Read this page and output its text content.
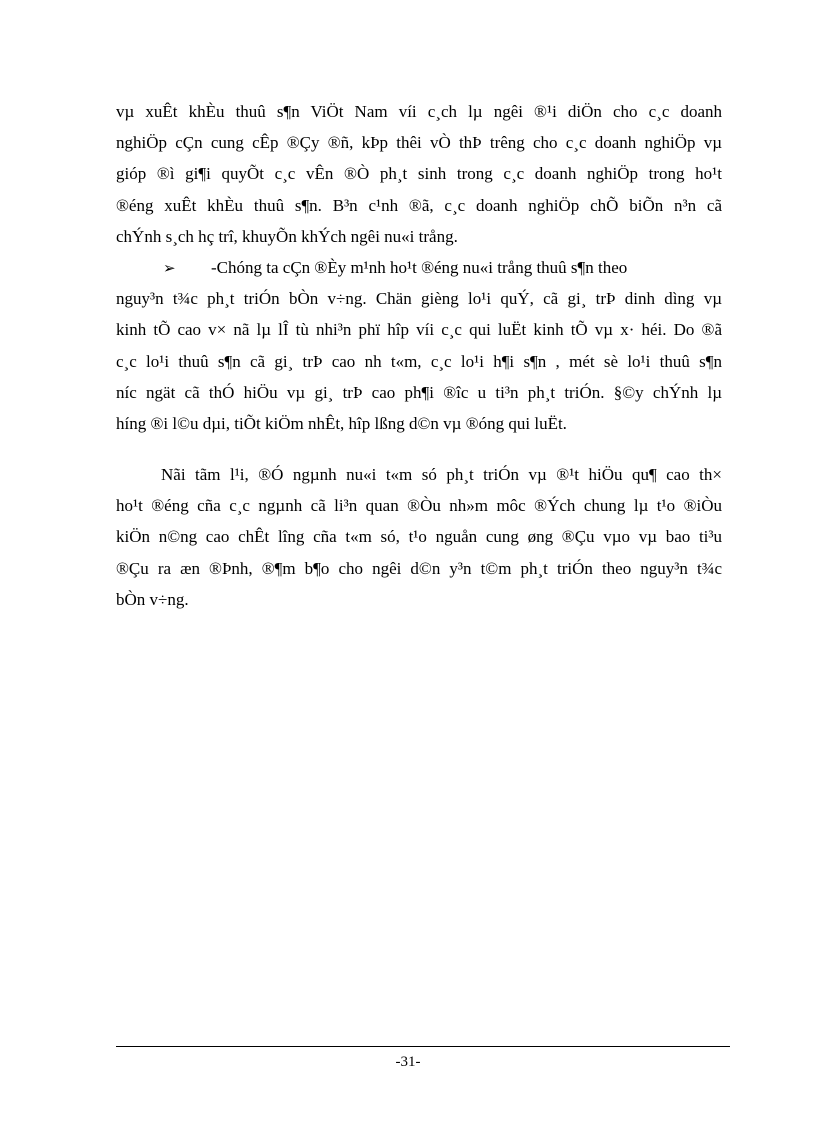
vµ xuÊt khÈu thuû s¶n ViÖt Nam víi c¸ch lµ ngêi ®¹i diÖn cho c¸c doanh
nghiÖp cÇn cung cÊp ®Çy ®ñ, kÞp thêi vÒ thÞ trêng cho c¸c doanh nghiÖp vµ
gióp ®ì gi¶i quyÕt c¸c vÊn ®Ò ph¸t sinh trong c¸c doanh nghiÖp trong ho¹t
®éng xuÊt khÈu thuû s¶n. B³n c¹nh ®ã, c¸c doanh nghiÖp chÕ biÕn n³n cã
chÝnh s¸ch hç trî, khuyÕn khÝch ngêi nu«i trång.
➢ -Chóng ta cÇn ®Èy m¹nh ho¹t ®éng nu«i trång thuû s¶n theo
nguy³n t¾c ph¸t triÓn bÒn v÷ng. Chän gièng lo¹i quÝ, cã gi¸ trÞ dinh dìng vµ
kinh tÕ cao v× nã lµ lÎ tù nhi³n phï hîp víi c¸c qui luËt kinh tÕ vµ x· héi. Do ®ã
c¸c lo¹i thuû s¶n cã gi¸ trÞ cao nh t«m, c¸c lo¹i h¶i s¶n , mét sè lo¹i thuû s¶n
níc ngät cã thÓ hiÖu vµ gi¸ trÞ cao ph¶i ®îc u ti³n ph¸t triÓn. §©y chÝnh lµ
híng ®i l©u dµi, tiÕt kiÖm nhÊt, hîp lßng d©n vµ ®óng qui luËt.
Nãi tãm l¹i, ®Ó ngµnh nu«i t«m só ph¸t triÓn vµ ®¹t hiÖu qu¶ cao th×
ho¹t ®éng cña c¸c ngµnh cã li³n quan ®Òu nh»m môc ®Ých chung lµ t¹o ®iÒu
kiÖn n©ng cao chÊt lîng cña t«m só, t¹o nguån cung øng ®Çu vµo vµ bao ti³u
®Çu ra æn ®Þnh, ®¶m b¶o cho ngêi d©n y³n t©m ph¸t triÓn theo nguy³n t¾c
bÒn v÷ng.
-31-
